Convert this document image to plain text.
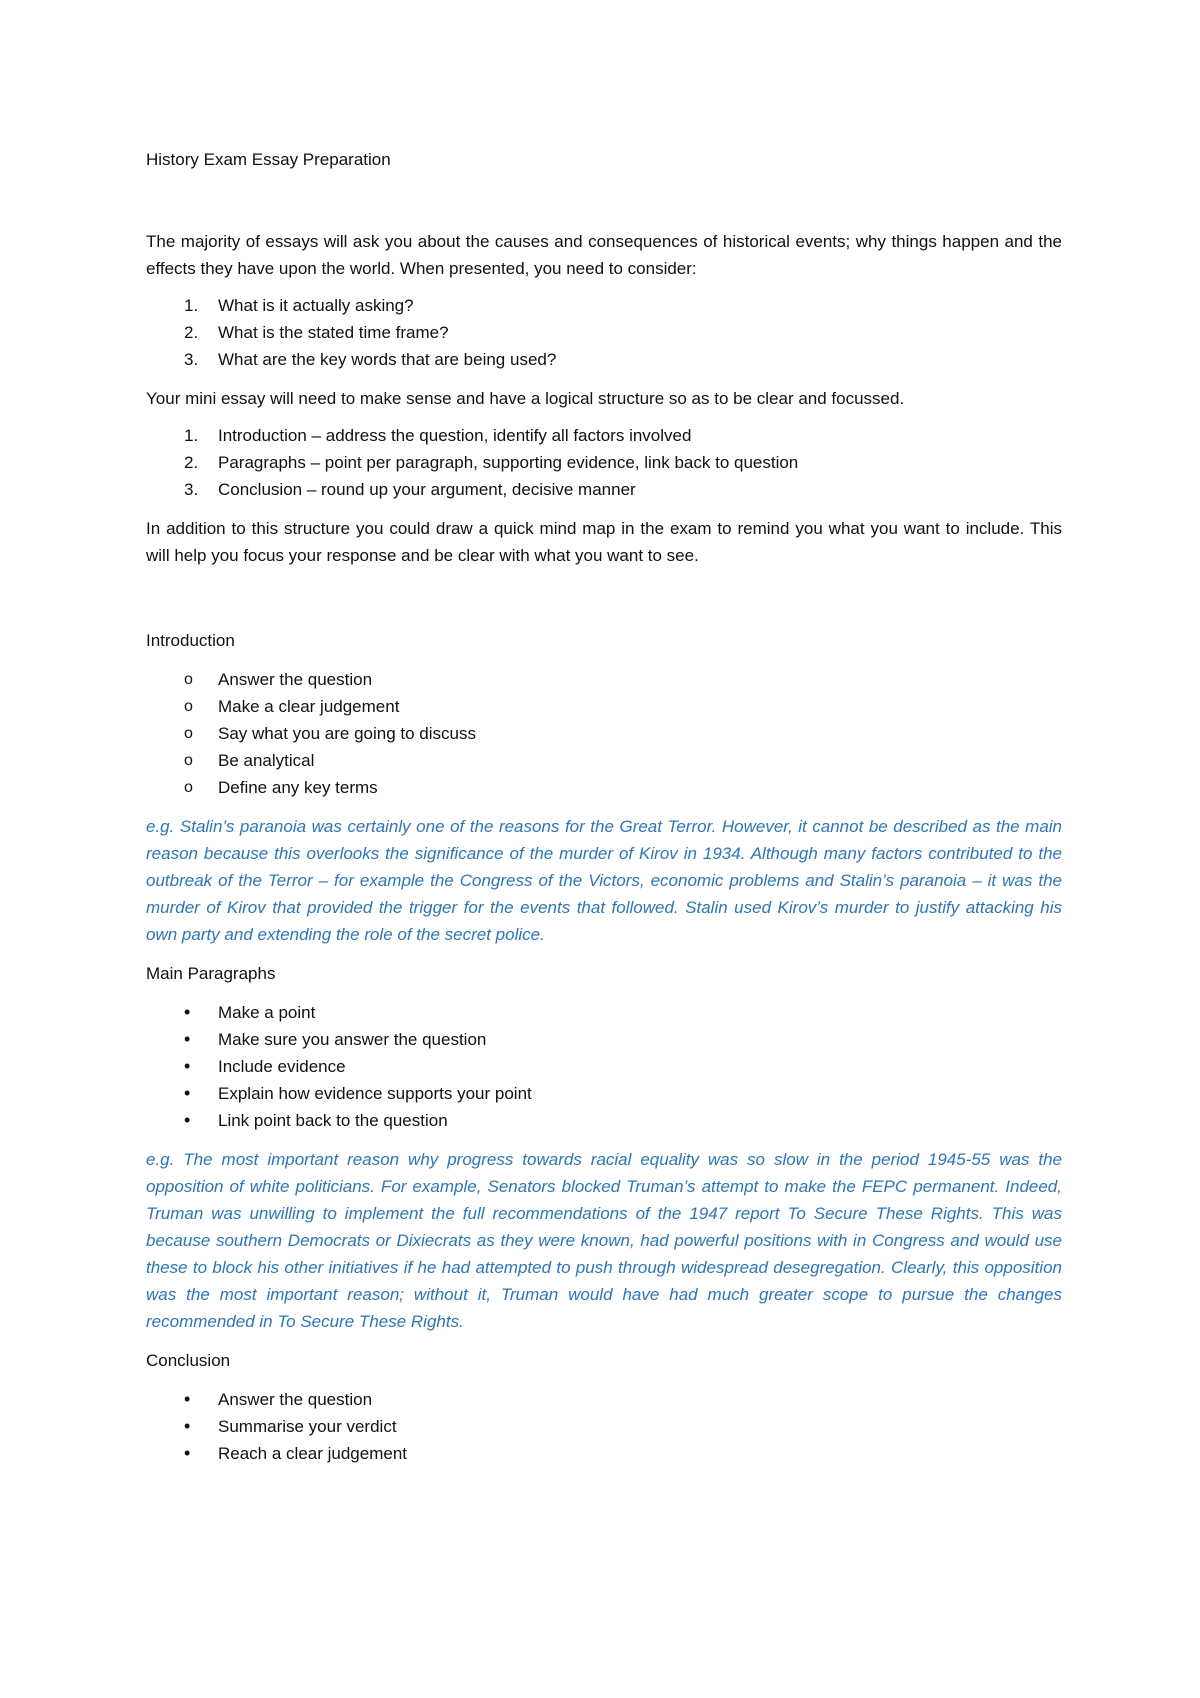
History Exam Essay Preparation

The majority of essays will ask you about the causes and consequences of historical events; why things happen and the effects they have upon the world. When presented, you need to consider:

1.	What is it actually asking?
2.	What is the stated time frame?
3.	What are the key words that are being used?

Your mini essay will need to make sense and have a logical structure so as to be clear and focussed.

1.	Introduction – address the question, identify all factors involved
2.	Paragraphs – point per paragraph, supporting evidence, link back to question
3.	Conclusion – round up your argument, decisive manner

In addition to this structure you could draw a quick mind map in the exam to remind you what you want to include. This will help you focus your response and be clear with what you want to see.

Introduction
o	Answer the question
o	Make a clear judgement
o	Say what you are going to discuss
o	Be analytical
o	Define any key terms

e.g. Stalin’s paranoia was certainly one of the reasons for the Great Terror. However, it cannot be described as the main reason because this overlooks the significance of the murder of Kirov in 1934. Although many factors contributed to the outbreak of the Terror – for example the Congress of the Victors, economic problems and Stalin’s paranoia – it was the murder of Kirov that provided the trigger for the events that followed. Stalin used Kirov’s murder to justify attacking his own party and extending the role of the secret police.

Main Paragraphs
•	Make a point
•	Make sure you answer the question
•	Include evidence
•	Explain how evidence supports your point
•	Link point back to the question

e.g. The most important reason why progress towards racial equality was so slow in the period 1945-55 was the opposition of white politicians. For example, Senators blocked Truman’s attempt to make the FEPC permanent. Indeed, Truman was unwilling to implement the full recommendations of the 1947 report To Secure These Rights. This was because southern Democrats or Dixiecrats as they were known, had powerful positions with in Congress and would use these to block his other initiatives if he had attempted to push through widespread desegregation. Clearly, this opposition was the most important reason; without it, Truman would have had much greater scope to pursue the changes recommended in To Secure These Rights.

Conclusion
•	Answer the question
•	Summarise your verdict
•	Reach a clear judgement
